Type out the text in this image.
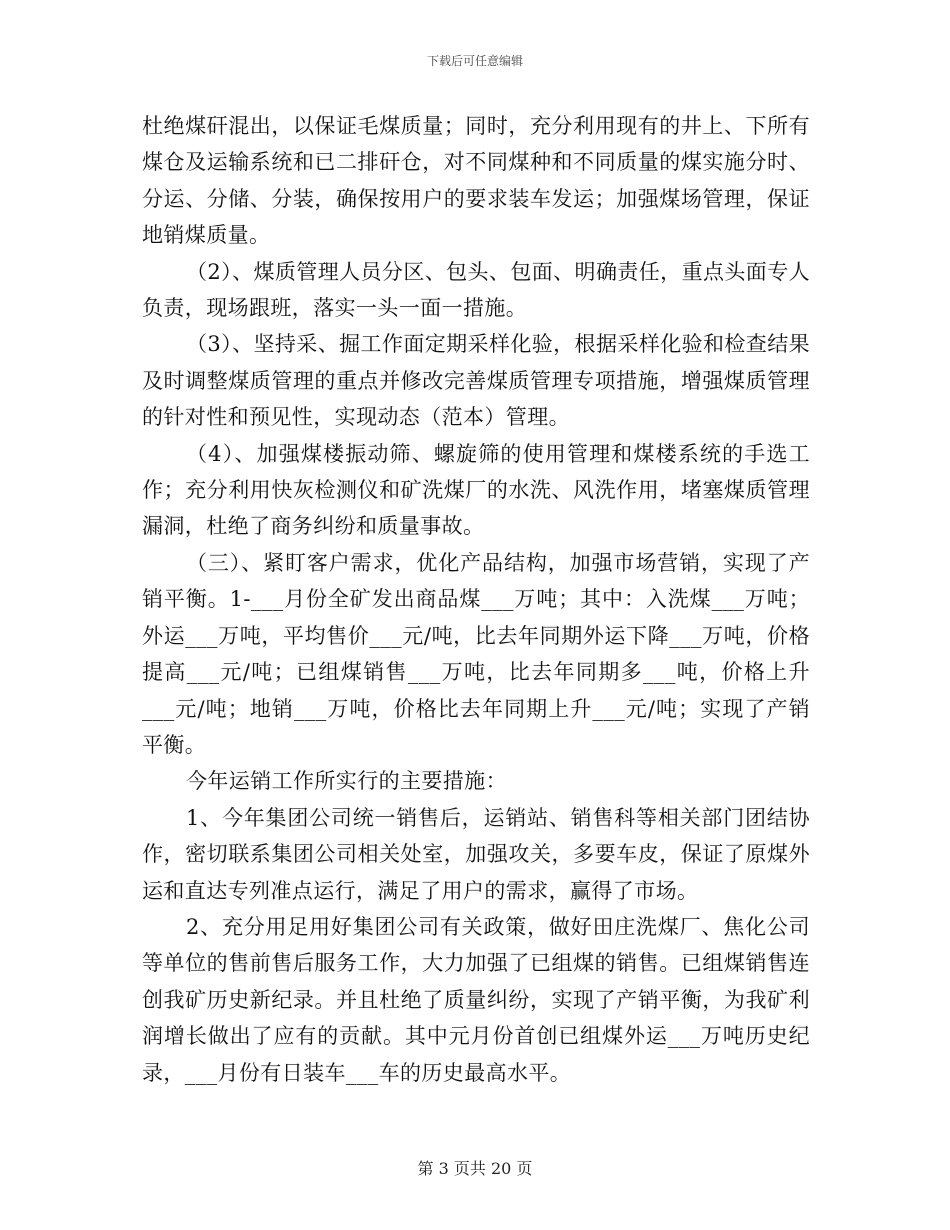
下载后可任意编辑

杜绝煤矸混出，以保证毛煤质量；同时，充分利用现有的井上、下所有煤仓及运输系统和已二排矸仓，对不同煤种和不同质量的煤实施分时、分运、分储、分装，确保按用户的要求装车发运；加强煤场管理，保证地销煤质量。

（2）、煤质管理人员分区、包头、包面、明确责任，重点头面专人负责，现场跟班，落实一头一面一措施。

（3）、坚持采、掘工作面定期采样化验，根据采样化验和检查结果及时调整煤质管理的重点并修改完善煤质管理专项措施，增强煤质管理的针对性和预见性，实现动态（范本）管理。

（4）、加强煤楼振动筛、螺旋筛的使用管理和煤楼系统的手选工作；充分利用快灰检测仪和矿洗煤厂的水洗、风洗作用，堵塞煤质管理漏洞，杜绝了商务纠纷和质量事故。

（三）、紧盯客户需求，优化产品结构，加强市场营销，实现了产销平衡。1-___月份全矿发出商品煤___万吨；其中：入洗煤___万吨；外运___万吨，平均售价___元/吨，比去年同期外运下降___万吨，价格提高___元/吨；已组煤销售___万吨，比去年同期多___吨，价格上升___元/吨；地销___万吨，价格比去年同期上升___元/吨；实现了产销平衡。

今年运销工作所实行的主要措施：

1、今年集团公司统一销售后，运销站、销售科等相关部门团结协作，密切联系集团公司相关处室，加强攻关，多要车皮，保证了原煤外运和直达专列准点运行，满足了用户的需求，赢得了市场。

2、充分用足用好集团公司有关政策，做好田庄洗煤厂、焦化公司等单位的售前售后服务工作，大力加强了已组煤的销售。已组煤销售连创我矿历史新纪录。并且杜绝了质量纠纷，实现了产销平衡，为我矿利润增长做出了应有的贡献。其中元月份首创已组煤外运___万吨历史纪录，___月份有日装车___车的历史最高水平。

第 3 页共 20 页
